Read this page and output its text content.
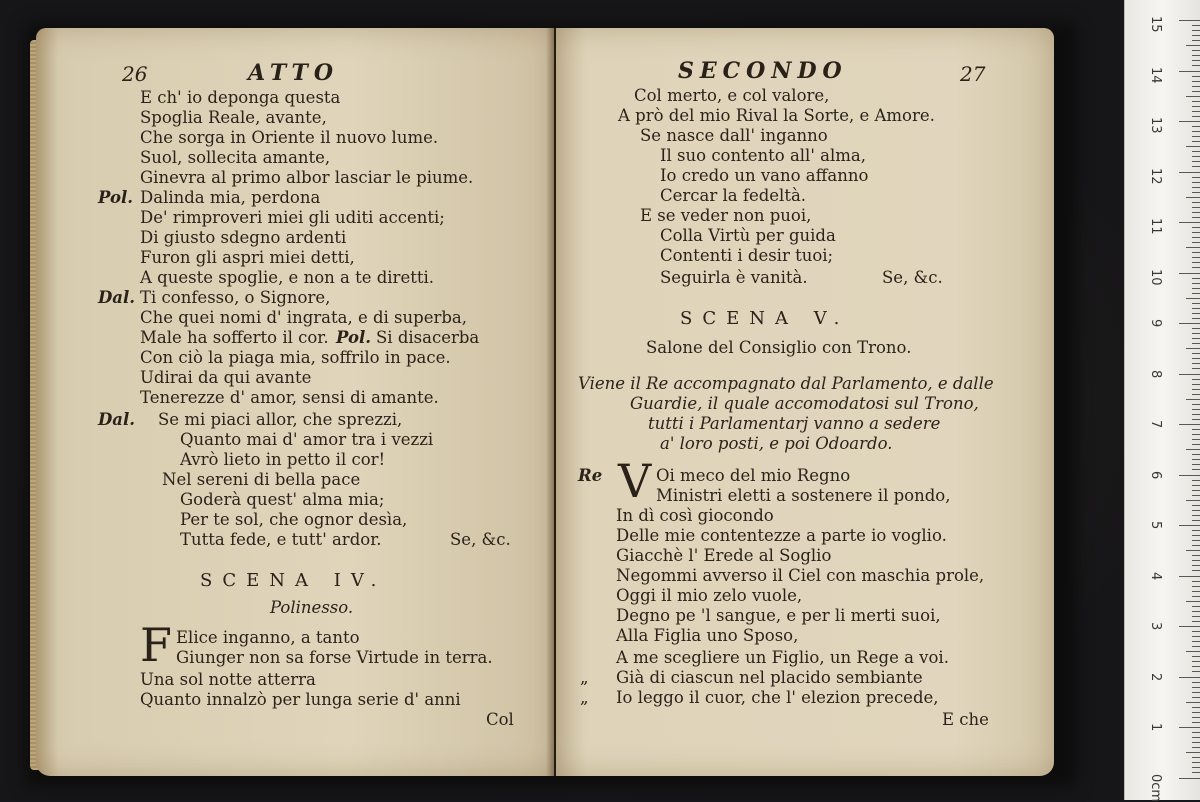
26	ATTO
E ch' io deponga questa
Spoglia Reale, avante,
Che sorga in Oriente il nuovo lume.
Suol, sollecita amante,
Ginevra al primo albor lasciar le piume.
Pol. Dalinda mia, perdona
De' rimproveri miei gli uditi accenti;
Di giusto sdegno ardenti
Furon gli aspri miei detti,
A queste spoglie, e non a te diretti.
Dal. Ti confesso, o Signore,
Che quei nomi d' ingrata, e di superba,
Male ha sofferto il cor. Pol. Si disacerba
Con ciò la piaga mia, soffrilo in pace.
Udirai da qui avante
Tenerezze d' amor, sensi di amante.
Dal. Se mi piaci allor, che sprezzi,
Quanto mai d' amor tra i vezzi
Avrò lieto in petto il cor!
Nel sereni di bella pace
Goderà quest' alma mia;
Per te sol, che ognor desìa,
Tutta fede, e tutt' ardor.	Se, &c.
SCENA IV.
Polinesso.
F Elice inganno, a tanto
Giunger non sa forse Virtude in terra.
Una sol notte atterra
Quanto innalzò per lunga serie d' anni
Col
SECONDO	27
Col merto, e col valore,
A prò del mio Rival la Sorte, e Amore.
Se nasce dall' inganno
Il suo contento all' alma,
Io credo un vano affanno
Cercar la fedeltà.
E se veder non puoi,
Colla Virtù per guida
Contenti i desir tuoi;
Seguirla è vanità.	Se, &c.
SCENA V.
Salone del Consiglio con Trono.
Viene il Re accompagnato dal Parlamento, e dalle
Guardie, il quale accomodatosi sul Trono,
tutti i Parlamentarj vanno a sedere
a' loro posti, e poi Odoardo.
Re V Oi meco del mio Regno
Ministri eletti a sostenere il pondo,
In dì così giocondo
Delle mie contentezze a parte io voglio.
Giacchè l' Erede al Soglio
Negommi avverso il Ciel con maschia prole,
Oggi il mio zelo vuole,
Degno pe 'l sangue, e per li merti suoi,
Alla Figlia uno Sposo,
A me scegliere un Figlio, un Rege a voi.
„ Già di ciascun nel placido sembiante
„ Io leggo il cuor, che l' elezion precede,
E che
15
14
13
12
11
10
9
8
7
6
5
4
3
2
1
0cm
